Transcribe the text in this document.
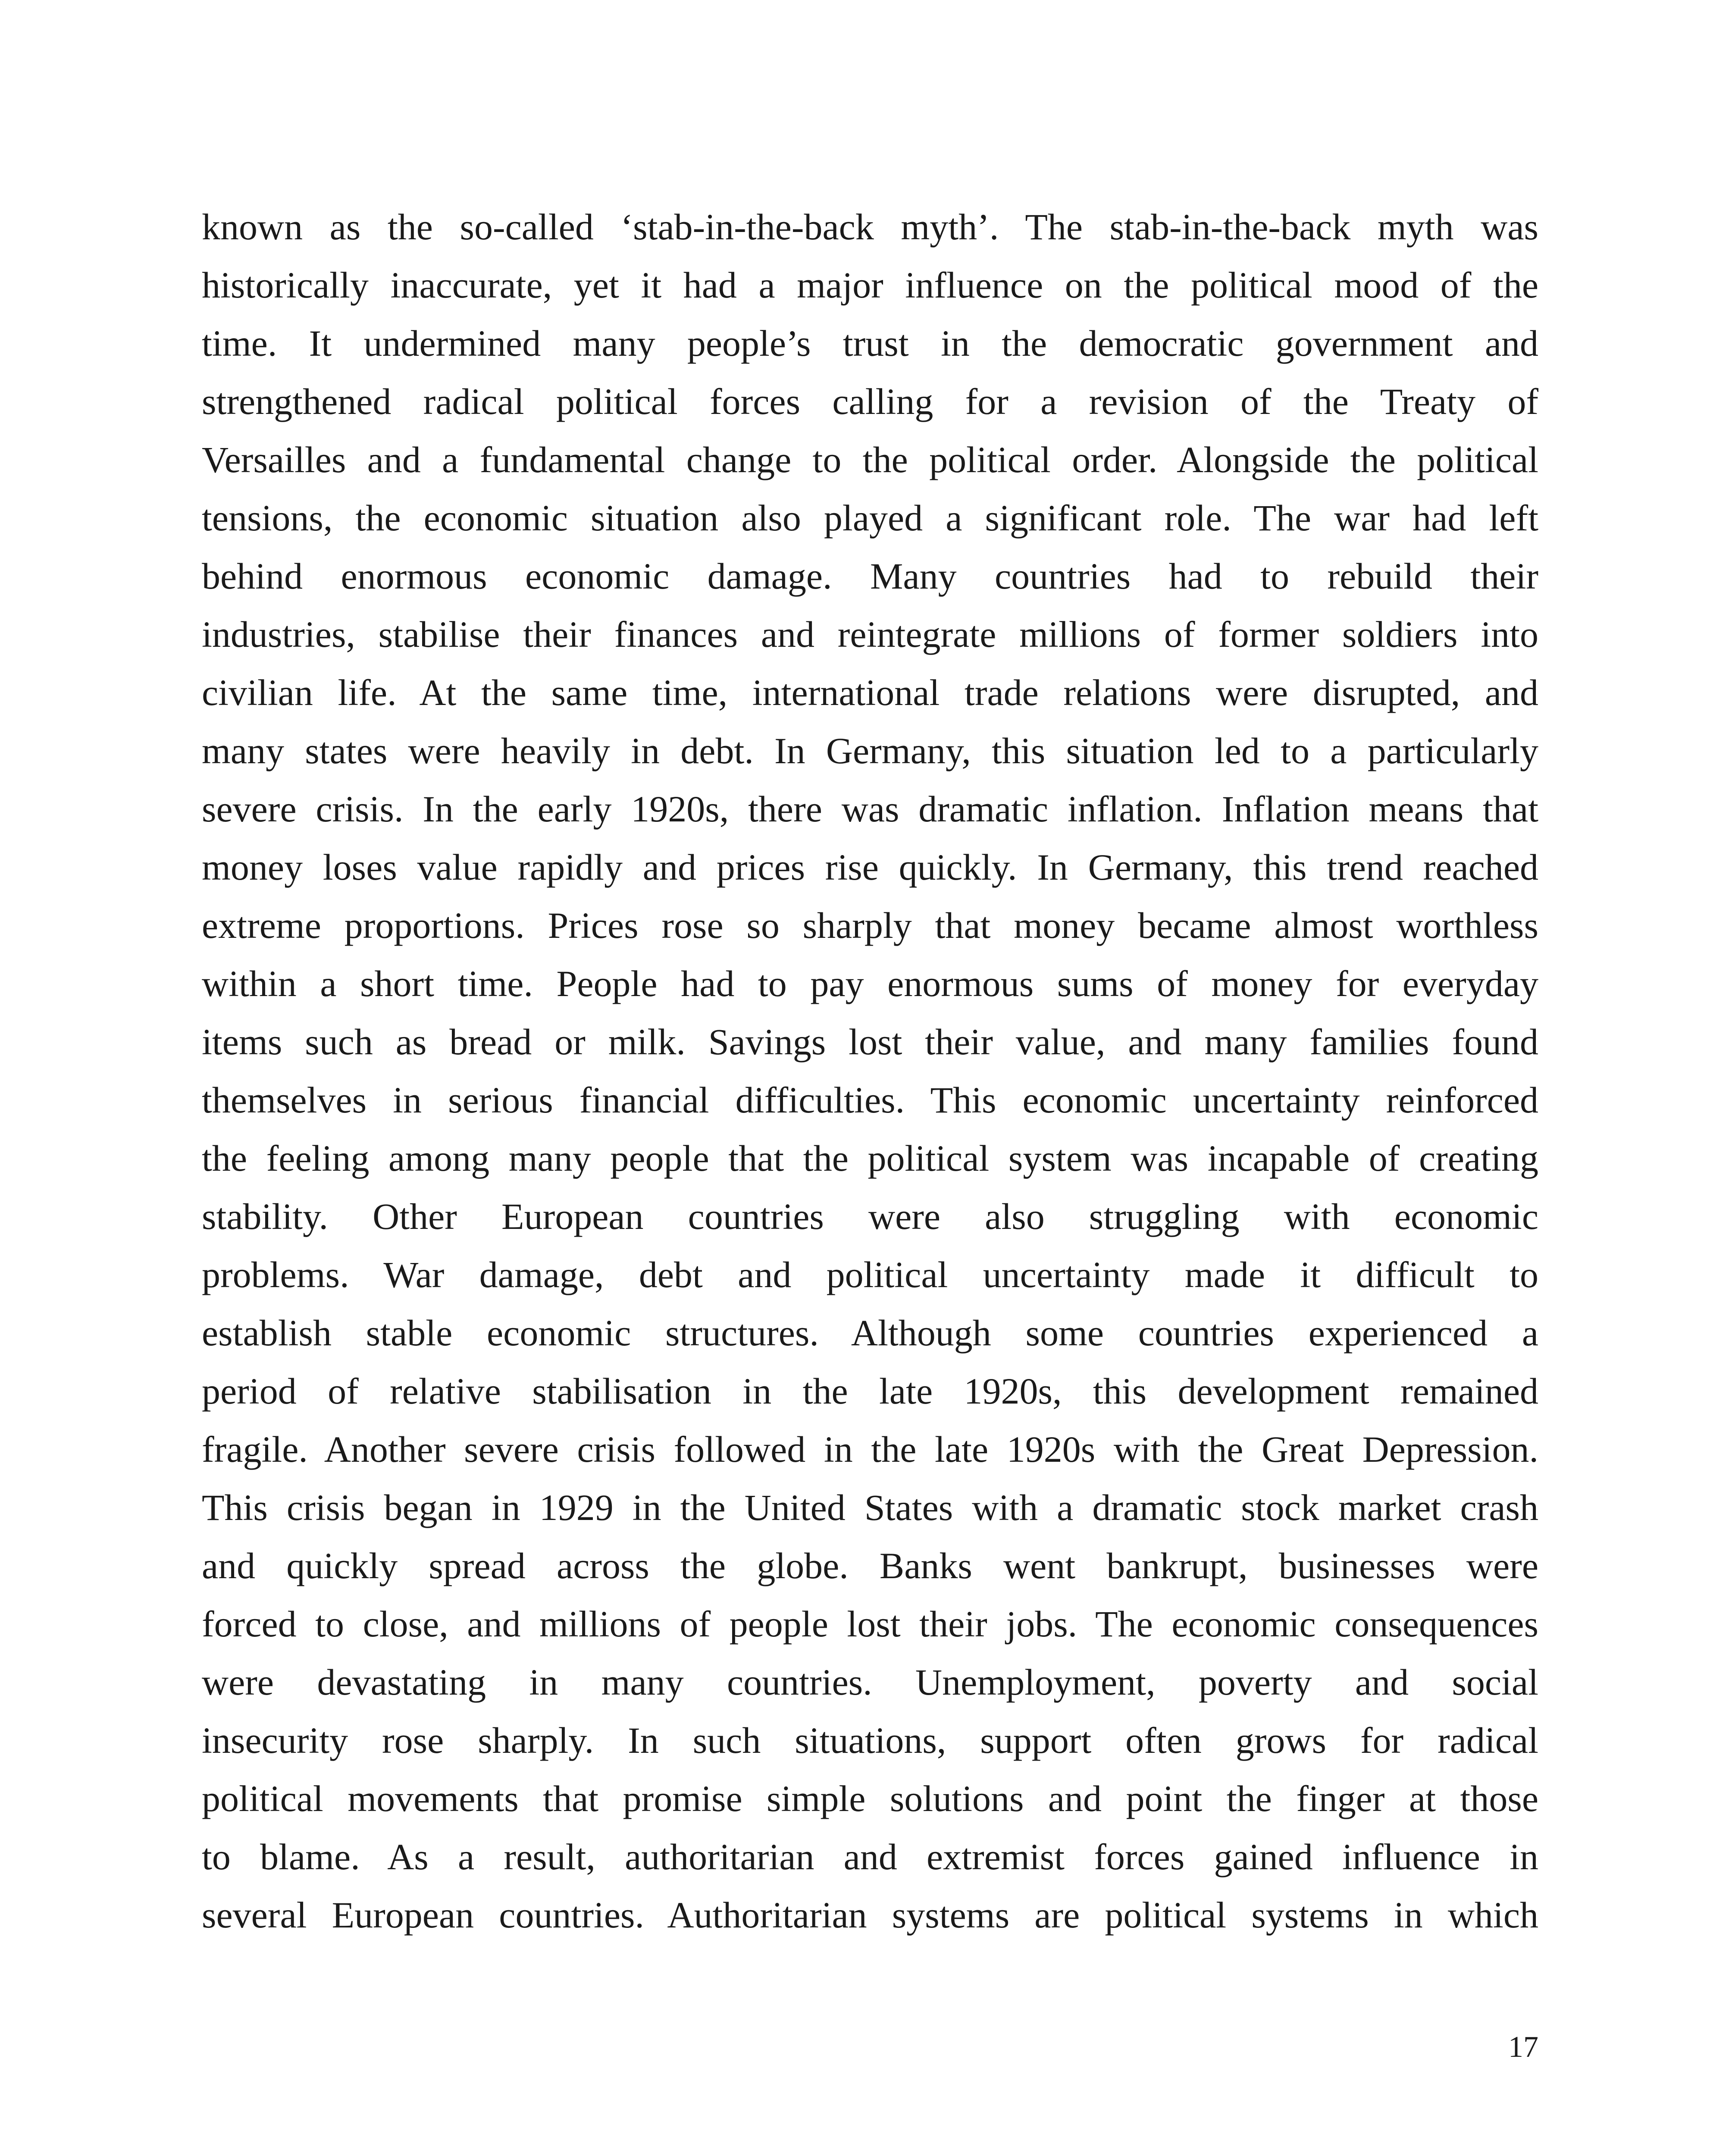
known as the so-called ‘stab-in-the-back myth’. The stab-in-the-back myth was
historically inaccurate, yet it had a major influence on the political mood of the
time. It undermined many people’s trust in the democratic government and
strengthened radical political forces calling for a revision of the Treaty of
Versailles and a fundamental change to the political order. Alongside the political
tensions, the economic situation also played a significant role. The war had left
behind enormous economic damage. Many countries had to rebuild their
industries, stabilise their finances and reintegrate millions of former soldiers into
civilian life. At the same time, international trade relations were disrupted, and
many states were heavily in debt. In Germany, this situation led to a particularly
severe crisis. In the early 1920s, there was dramatic inflation. Inflation means that
money loses value rapidly and prices rise quickly. In Germany, this trend reached
extreme proportions. Prices rose so sharply that money became almost worthless
within a short time. People had to pay enormous sums of money for everyday
items such as bread or milk. Savings lost their value, and many families found
themselves in serious financial difficulties. This economic uncertainty reinforced
the feeling among many people that the political system was incapable of creating
stability. Other European countries were also struggling with economic
problems. War damage, debt and political uncertainty made it difficult to
establish stable economic structures. Although some countries experienced a
period of relative stabilisation in the late 1920s, this development remained
fragile. Another severe crisis followed in the late 1920s with the Great Depression.
This crisis began in 1929 in the United States with a dramatic stock market crash
and quickly spread across the globe. Banks went bankrupt, businesses were
forced to close, and millions of people lost their jobs. The economic consequences
were devastating in many countries. Unemployment, poverty and social
insecurity rose sharply. In such situations, support often grows for radical
political movements that promise simple solutions and point the finger at those
to blame. As a result, authoritarian and extremist forces gained influence in
several European countries. Authoritarian systems are political systems in which

17
